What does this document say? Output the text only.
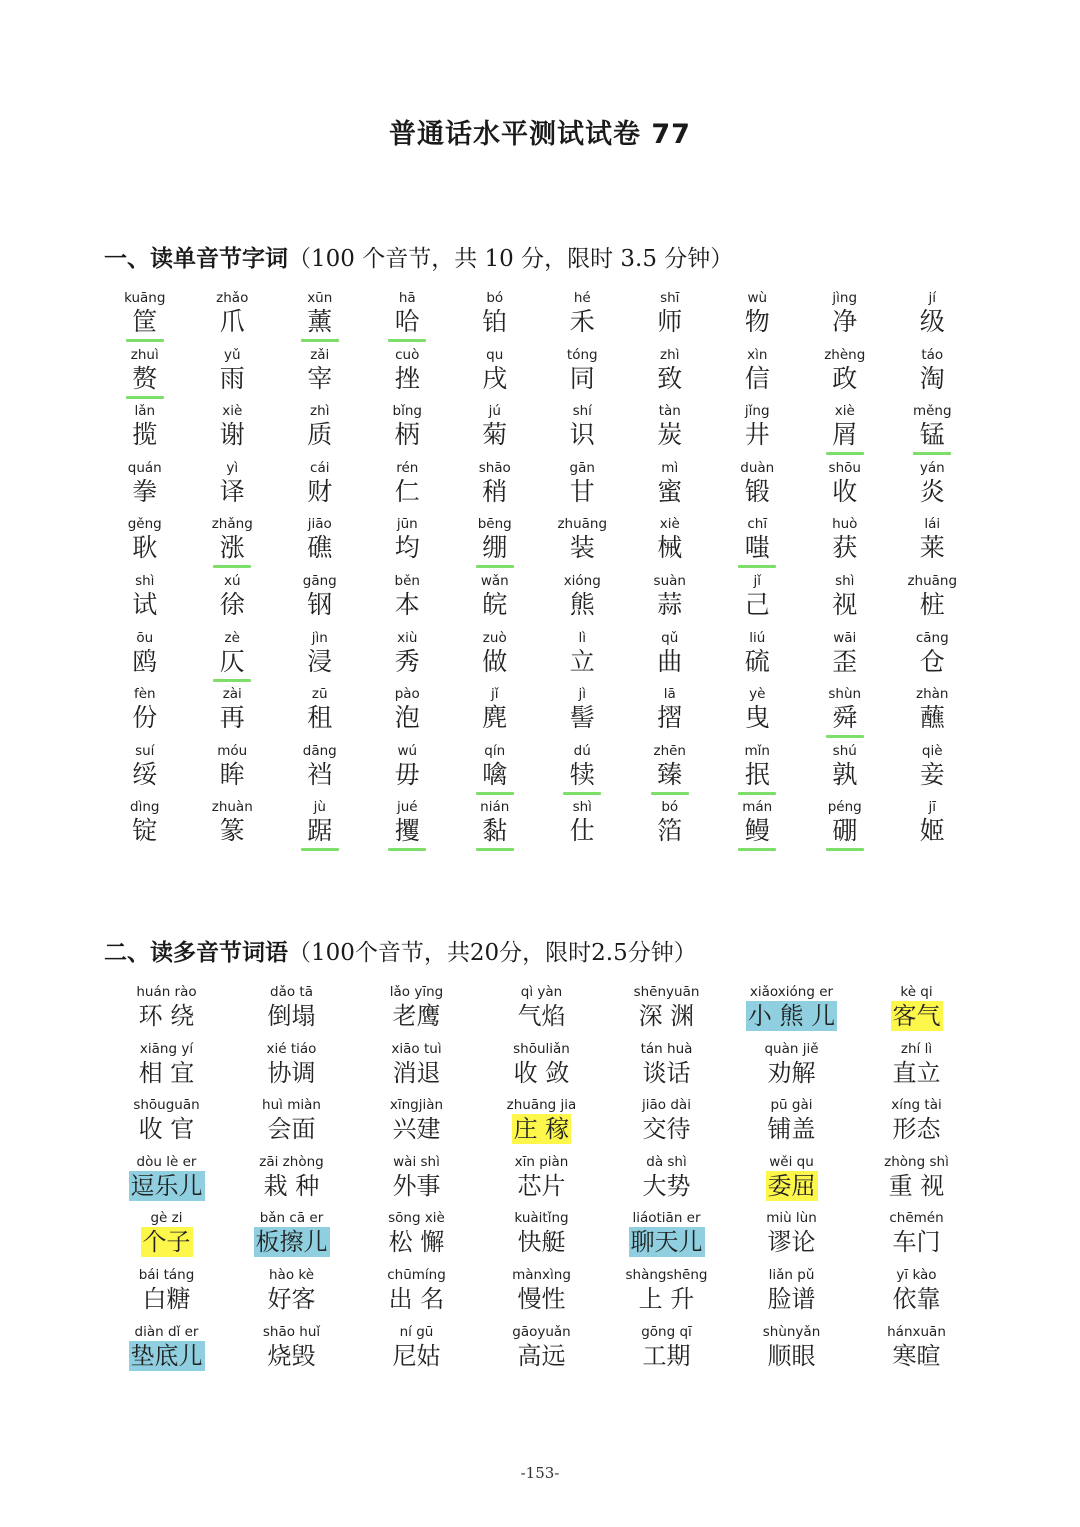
普通话水平测试试卷 77
一、读单音节字词（100 个音节，共 10 分，限时 3.5 分钟）
kuāng
筐
zhǎo
爪
xūn
薰
hā
哈
bó
铂
hé
禾
shī
师
wù
物
jìng
净
jí
级
zhuì
赘
yǔ
雨
zǎi
宰
cuò
挫
qu
戌
tóng
同
zhì
致
xìn
信
zhèng
政
táo
淘
lǎn
揽
xiè
谢
zhì
质
bǐng
柄
jú
菊
shí
识
tàn
炭
jǐng
井
xiè
屑
měng
锰
quán
拳
yì
译
cái
财
rén
仁
shāo
稍
gān
甘
mì
蜜
duàn
锻
shōu
收
yán
炎
gěng
耿
zhǎng
涨
jiāo
礁
jūn
均
bēng
绷
zhuāng
装
xiè
械
chī
嗤
huò
获
lái
莱
shì
试
xú
徐
gāng
钢
běn
本
wǎn
皖
xióng
熊
suàn
蒜
jǐ
己
shì
视
zhuāng
桩
ōu
鸥
zè
仄
jìn
浸
xiù
秀
zuò
做
lì
立
qǔ
曲
liú
硫
wāi
歪
cāng
仓
fèn
份
zài
再
zū
租
pào
泡
jǐ
麂
jì
髻
lā
摺
yè
曳
shùn
舜
zhàn
蘸
suí
绥
móu
眸
dāng
裆
wú
毋
qín
噙
dú
犊
zhēn
臻
mǐn
抿
shú
孰
qiè
妾
dìng
锭
zhuàn
篆
jù
踞
jué
攫
nián
黏
shì
仕
bó
箔
mán
鳗
péng
硼
jī
姬
二、读多音节词语（100个音节，共20分，限时2.5分钟）
huán rào
环 绕
dǎo tā
倒塌
lǎo yīng
老鹰
qì yàn
气焰
shēnyuān
深 渊
xiǎoxióng er
小 熊 儿
kè qi
客气
xiāng yí
相 宜
xié tiáo
协调
xiāo tuì
消退
shōuliǎn
收 敛
tán huà
谈话
quàn jiě
劝解
zhí lì
直立
shōuguān
收 官
huì miàn
会面
xīngjiàn
兴建
zhuāng jia
庄 稼
jiāo dài
交待
pū gài
铺盖
xíng tài
形态
dòu lè er
逗乐儿
zāi zhòng
栽 种
wài shì
外事
xīn piàn
芯片
dà shì
大势
wěi qu
委屈
zhòng shì
重 视
gè zi
个子
bǎn cā er
板擦儿
sōng xiè
松 懈
kuàitǐng
快艇
liáotiān er
聊天儿
miù lùn
谬论
chēmén
车门
bái táng
白糖
hào kè
好客
chūmíng
出 名
mànxìng
慢性
shàngshēng
上 升
liǎn pǔ
脸谱
yī kào
依靠
diàn dǐ er
垫底儿
shāo huǐ
烧毁
ní gū
尼姑
gāoyuǎn
高远
gōng qī
工期
shùnyǎn
顺眼
hánxuān
寒暄
-153-
